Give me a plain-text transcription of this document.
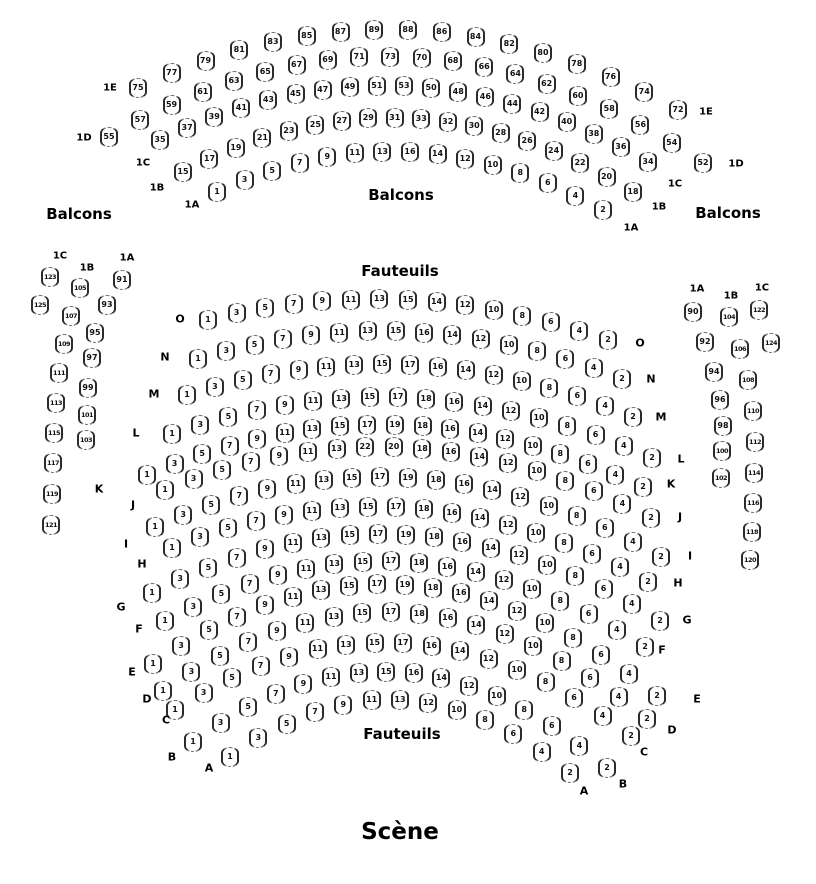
Balcons
Balcons
Balcons
Fauteuils
Fauteuils
Scène
75
77
79
81
83
85	87	89	88	86
84
82
80
78
76
74
72
1E
1E
55
57
59
61
63
65
67
69	71	73	70	68
66
64
62
60
58
56
54
52
1D
1D
35
37
39
41
43
45	47	49	51	53	50	48
46
44
42
40
38
36
34
1C
1C
15
17
19
21
23
25	27	29	31	33	32
30
28
26
24
22
20
18
1B
1B
1
3
5
7
9	11	13	16	14	12
10
8
6
4
2
1A
1A
1
3
5	7	9	11	13	15	14	12	10
8
6
4
2
O
O
1
3
5
7	9	11	13	15	16	14	12
10
8
6
4
2
N
N
1
3
5
7	9	11	13	15	17	16	14
12
10
8
6
4
2
M
M
1
3
5
7
9	11	13	15	17	18	16	14
12
10
8
6
4
2
L
L
1
3
5
7
9
11	13	15	17	19	18	16	14
12
10
8
6
4
2
K	K
1
3
5
7
9
11	13	22	20	18	16
14
12
10
8
6
4
2
J
J
1
3
5
7
9
11	13	15	17	19	18	16
14
12
10
8
6
4
2
I
I
1
3
5
7
9	11	13	15	17	18	16
14
12
10
8
6
4
2
H
H
1
3
5
7
9
11
13	15	17	19	18	16
14
12
10
8
6
4
2
G
G
1
3
5
7
9
11	13	15	17	18	16
14
12
10
8
6
4
2
F
F
1
3
5
7
9
11
13	15	17	19	18
16
14
12
10
8
6
4
2
E
E
1
3
5
7
9
11
13	15	17	18	16
14
12
10
8
6
4
2
D
D
1
3
5
7
9
11
13	15	17	16
14
12
10
8
6
4
2
C
C
1
3
5
7
9
11	13	15	16
14
12
10
8
6
4
2
B
B
1
3
5
7
9	11	13	12
10
8
6
4
2
A
A
123
125
1C
105
107
109
111
113
115
117
119
121
1B
91
93
95
97
99
101
103
1A
90
92
94
96
98
100
102
1A
104
106
108
110
112
114
116
118
120
1B
122
124
1C
